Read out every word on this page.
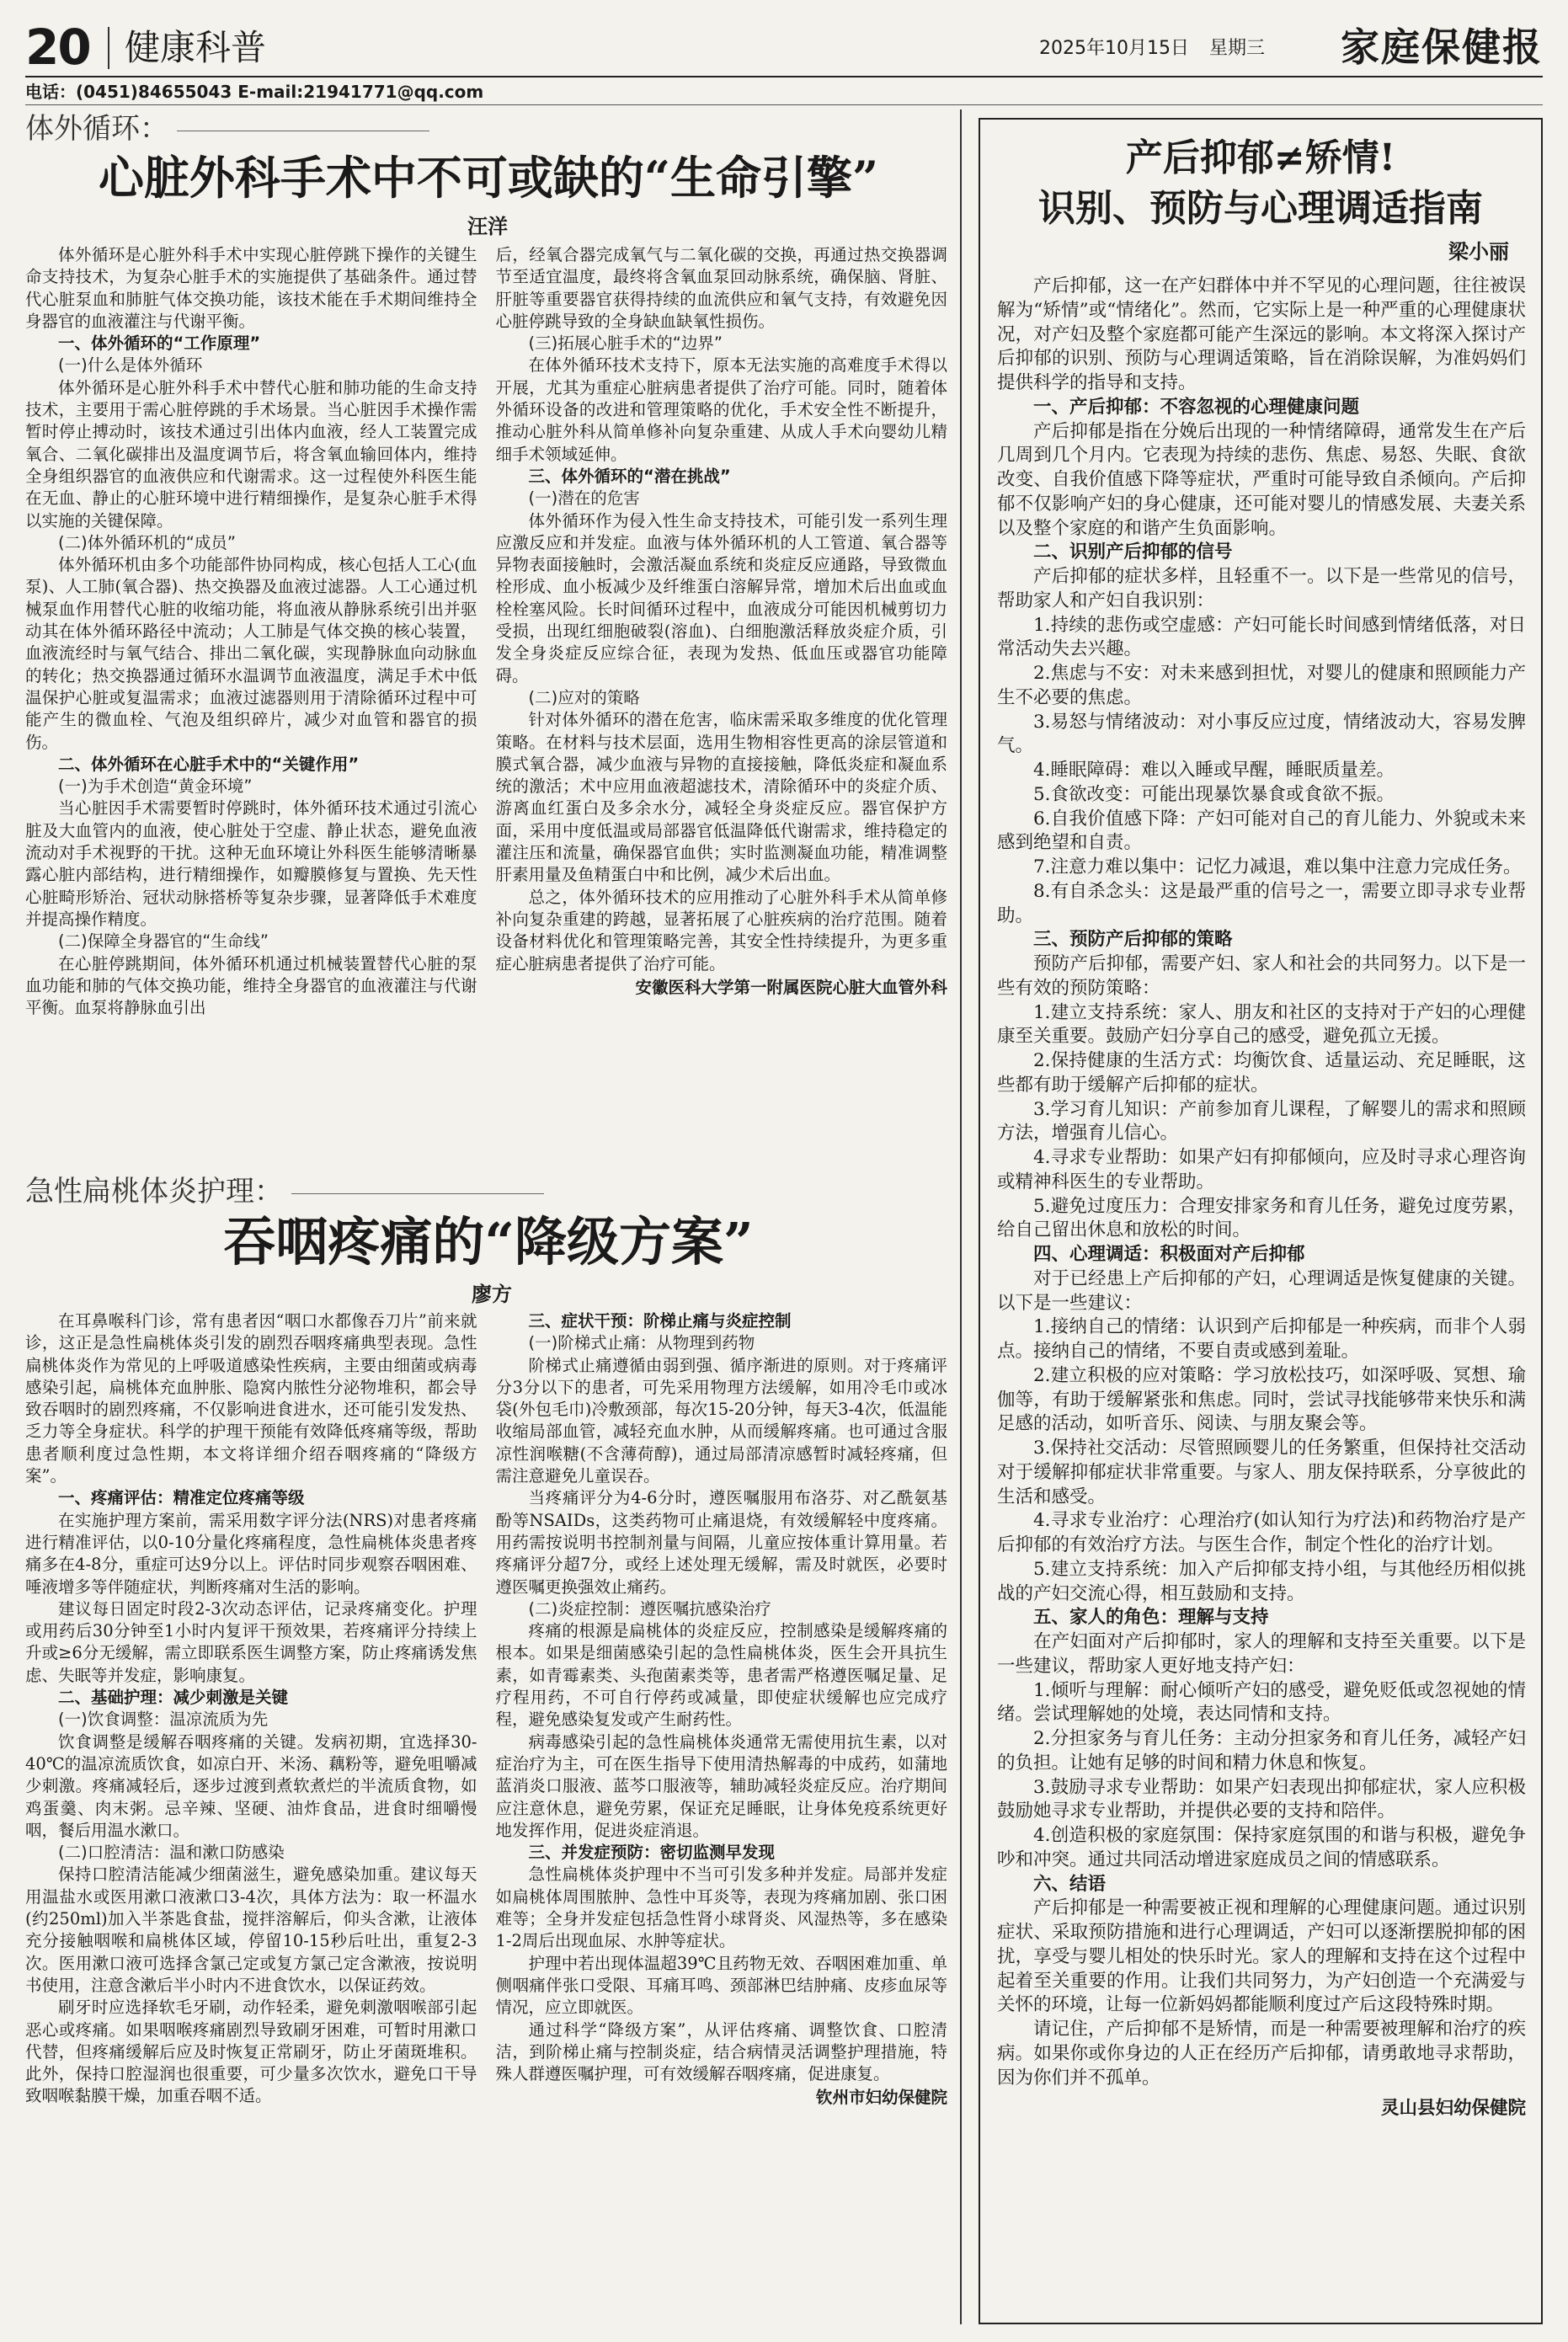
20 健康科普	2025年10月15日 星期三 家庭保健报
电话：(0451)84655043 E-mail:21941771@qq.com
体外循环：
心脏外科手术中不可或缺的“生命引擎”
汪洋

体外循环是心脏外科手术中实现心脏停跳下操作的关键生命支持技术，为复杂心脏手术的实施提供了基础条件。通过替代心脏泵血和肺脏气体交换功能，该技术能在手术期间维持全身器官的血液灌注与代谢平衡。

一、体外循环的“工作原理”

(一)什么是体外循环

体外循环是心脏外科手术中替代心脏和肺功能的生命支持技术，主要用于需心脏停跳的手术场景。当心脏因手术操作需暂时停止搏动时，该技术通过引出体内血液，经人工装置完成氧合、二氧化碳排出及温度调节后，将含氧血输回体内，维持全身组织器官的血液供应和代谢需求。这一过程使外科医生能在无血、静止的心脏环境中进行精细操作，是复杂心脏手术得以实施的关键保障。

(二)体外循环机的“成员”

体外循环机由多个功能部件协同构成，核心包括人工心(血泵)、人工肺(氧合器)、热交换器及血液过滤器。人工心通过机械泵血作用替代心脏的收缩功能，将血液从静脉系统引出并驱动其在体外循环路径中流动；人工肺是气体交换的核心装置，血液流经时与氧气结合、排出二氧化碳，实现静脉血向动脉血的转化；热交换器通过循环水温调节血液温度，满足手术中低温保护心脏或复温需求；血液过滤器则用于清除循环过程中可能产生的微血栓、气泡及组织碎片，减少对血管和器官的损伤。

二、体外循环在心脏手术中的“关键作用”

(一)为手术创造“黄金环境”

当心脏因手术需要暂时停跳时，体外循环技术通过引流心脏及大血管内的血液，使心脏处于空虚、静止状态，避免血液流动对手术视野的干扰。这种无血环境让外科医生能够清晰暴露心脏内部结构，进行精细操作，如瓣膜修复与置换、先天性心脏畸形矫治、冠状动脉搭桥等复杂步骤，显著降低手术难度并提高操作精度。

(二)保障全身器官的“生命线”

在心脏停跳期间，体外循环机通过机械装置替代心脏的泵血功能和肺的气体交换功能，维持全身器官的血液灌注与代谢平衡。血泵将静脉血引出

后，经氧合器完成氧气与二氧化碳的交换，再通过热交换器调节至适宜温度，最终将含氧血泵回动脉系统，确保脑、肾脏、肝脏等重要器官获得持续的血流供应和氧气支持，有效避免因心脏停跳导致的全身缺血缺氧性损伤。

(三)拓展心脏手术的“边界”

在体外循环技术支持下，原本无法实施的高难度手术得以开展，尤其为重症心脏病患者提供了治疗可能。同时，随着体外循环设备的改进和管理策略的优化，手术安全性不断提升，推动心脏外科从简单修补向复杂重建、从成人手术向婴幼儿精细手术领域延伸。

三、体外循环的“潜在挑战”

(一)潜在的危害

体外循环作为侵入性生命支持技术，可能引发一系列生理应激反应和并发症。血液与体外循环机的人工管道、氧合器等异物表面接触时，会激活凝血系统和炎症反应通路，导致微血栓形成、血小板减少及纤维蛋白溶解异常，增加术后出血或血栓栓塞风险。长时间循环过程中，血液成分可能因机械剪切力受损，出现红细胞破裂(溶血)、白细胞激活释放炎症介质，引发全身炎症反应综合征，表现为发热、低血压或器官功能障碍。

(二)应对的策略

针对体外循环的潜在危害，临床需采取多维度的优化管理策略。在材料与技术层面，选用生物相容性更高的涂层管道和膜式氧合器，减少血液与异物的直接接触，降低炎症和凝血系统的激活；术中应用血液超滤技术，清除循环中的炎症介质、游离血红蛋白及多余水分，减轻全身炎症反应。器官保护方面，采用中度低温或局部器官低温降低代谢需求，维持稳定的灌注压和流量，确保器官血供；实时监测凝血功能，精准调整肝素用量及鱼精蛋白中和比例，减少术后出血。

总之，体外循环技术的应用推动了心脏外科手术从简单修补向复杂重建的跨越，显著拓展了心脏疾病的治疗范围。随着设备材料优化和管理策略完善，其安全性持续提升，为更多重症心脏病患者提供了治疗可能。

安徽医科大学第一附属医院心脏大血管外科

急性扁桃体炎护理：
吞咽疼痛的“降级方案”
廖方

在耳鼻喉科门诊，常有患者因“咽口水都像吞刀片”前来就诊，这正是急性扁桃体炎引发的剧烈吞咽疼痛典型表现。急性扁桃体炎作为常见的上呼吸道感染性疾病，主要由细菌或病毒感染引起，扁桃体充血肿胀、隐窝内脓性分泌物堆积，都会导致吞咽时的剧烈疼痛，不仅影响进食进水，还可能引发发热、乏力等全身症状。科学的护理干预能有效降低疼痛等级，帮助患者顺利度过急性期，本文将详细介绍吞咽疼痛的“降级方案”。

一、疼痛评估：精准定位疼痛等级

在实施护理方案前，需采用数字评分法(NRS)对患者疼痛进行精准评估，以0-10分量化疼痛程度，急性扁桃体炎患者疼痛多在4-8分，重症可达9分以上。评估时同步观察吞咽困难、唾液增多等伴随症状，判断疼痛对生活的影响。

建议每日固定时段2-3次动态评估，记录疼痛变化。护理或用药后30分钟至1小时内复评干预效果，若疼痛评分持续上升或≥6分无缓解，需立即联系医生调整方案，防止疼痛诱发焦虑、失眠等并发症，影响康复。

二、基础护理：减少刺激是关键

(一)饮食调整：温凉流质为先

饮食调整是缓解吞咽疼痛的关键。发病初期，宜选择30-40℃的温凉流质饮食，如凉白开、米汤、藕粉等，避免咀嚼减少刺激。疼痛减轻后，逐步过渡到煮软煮烂的半流质食物，如鸡蛋羹、肉末粥。忌辛辣、坚硬、油炸食品，进食时细嚼慢咽，餐后用温水漱口。

(二)口腔清洁：温和漱口防感染

保持口腔清洁能减少细菌滋生，避免感染加重。建议每天用温盐水或医用漱口液漱口3-4次，具体方法为：取一杯温水(约250ml)加入半茶匙食盐，搅拌溶解后，仰头含漱，让液体充分接触咽喉和扁桃体区域，停留10-15秒后吐出，重复2-3次。医用漱口液可选择含氯己定或复方氯己定含漱液，按说明书使用，注意含漱后半小时内不进食饮水，以保证药效。

刷牙时应选择软毛牙刷，动作轻柔，避免刺激咽喉部引起恶心或疼痛。如果咽喉疼痛剧烈导致刷牙困难，可暂时用漱口代替，但疼痛缓解后应及时恢复正常刷牙，防止牙菌斑堆积。此外，保持口腔湿润也很重要，可少量多次饮水，避免口干导致咽喉黏膜干燥，加重吞咽不适。

三、症状干预：阶梯止痛与炎症控制

(一)阶梯式止痛：从物理到药物

阶梯式止痛遵循由弱到强、循序渐进的原则。对于疼痛评分3分以下的患者，可先采用物理方法缓解，如用冷毛巾或冰袋(外包毛巾)冷敷颈部，每次15-20分钟，每天3-4次，低温能收缩局部血管，减轻充血水肿，从而缓解疼痛。也可通过含服凉性润喉糖(不含薄荷醇)，通过局部清凉感暂时减轻疼痛，但需注意避免儿童误吞。

当疼痛评分为4-6分时，遵医嘱服用布洛芬、对乙酰氨基酚等NSAIDs，这类药物可止痛退烧，有效缓解轻中度疼痛。用药需按说明书控制剂量与间隔，儿童应按体重计算用量。若疼痛评分超7分，或经上述处理无缓解，需及时就医，必要时遵医嘱更换强效止痛药。

(二)炎症控制：遵医嘱抗感染治疗

疼痛的根源是扁桃体的炎症反应，控制感染是缓解疼痛的根本。如果是细菌感染引起的急性扁桃体炎，医生会开具抗生素，如青霉素类、头孢菌素类等，患者需严格遵医嘱足量、足疗程用药，不可自行停药或减量，即使症状缓解也应完成疗程，避免感染复发或产生耐药性。

病毒感染引起的急性扁桃体炎通常无需使用抗生素，以对症治疗为主，可在医生指导下使用清热解毒的中成药，如蒲地蓝消炎口服液、蓝芩口服液等，辅助减轻炎症反应。治疗期间应注意休息，避免劳累，保证充足睡眠，让身体免疫系统更好地发挥作用，促进炎症消退。

三、并发症预防：密切监测早发现

急性扁桃体炎护理中不当可引发多种并发症。局部并发症如扁桃体周围脓肿、急性中耳炎等，表现为疼痛加剧、张口困难等；全身并发症包括急性肾小球肾炎、风湿热等，多在感染1-2周后出现血尿、水肿等症状。

护理中若出现体温超39℃且药物无效、吞咽困难加重、单侧咽痛伴张口受限、耳痛耳鸣、颈部淋巴结肿痛、皮疹血尿等情况，应立即就医。

通过科学“降级方案”，从评估疼痛、调整饮食、口腔清洁，到阶梯止痛与控制炎症，结合病情灵活调整护理措施，特殊人群遵医嘱护理，可有效缓解吞咽疼痛，促进康复。

钦州市妇幼保健院

产后抑郁≠矫情!
识别、预防与心理调适指南
梁小丽

产后抑郁，这一在产妇群体中并不罕见的心理问题，往往被误解为“矫情”或“情绪化”。然而，它实际上是一种严重的心理健康状况，对产妇及整个家庭都可能产生深远的影响。本文将深入探讨产后抑郁的识别、预防与心理调适策略，旨在消除误解，为准妈妈们提供科学的指导和支持。

一、产后抑郁：不容忽视的心理健康问题

产后抑郁是指在分娩后出现的一种情绪障碍，通常发生在产后几周到几个月内。它表现为持续的悲伤、焦虑、易怒、失眠、食欲改变、自我价值感下降等症状，严重时可能导致自杀倾向。产后抑郁不仅影响产妇的身心健康，还可能对婴儿的情感发展、夫妻关系以及整个家庭的和谐产生负面影响。

二、识别产后抑郁的信号

产后抑郁的症状多样，且轻重不一。以下是一些常见的信号，帮助家人和产妇自我识别：

1.持续的悲伤或空虚感：产妇可能长时间感到情绪低落，对日常活动失去兴趣。

2.焦虑与不安：对未来感到担忧，对婴儿的健康和照顾能力产生不必要的焦虑。

3.易怒与情绪波动：对小事反应过度，情绪波动大，容易发脾气。

4.睡眠障碍：难以入睡或早醒，睡眠质量差。

5.食欲改变：可能出现暴饮暴食或食欲不振。

6.自我价值感下降：产妇可能对自己的育儿能力、外貌或未来感到绝望和自责。

7.注意力难以集中：记忆力减退，难以集中注意力完成任务。

8.有自杀念头：这是最严重的信号之一，需要立即寻求专业帮助。

三、预防产后抑郁的策略

预防产后抑郁，需要产妇、家人和社会的共同努力。以下是一些有效的预防策略：

1.建立支持系统：家人、朋友和社区的支持对于产妇的心理健康至关重要。鼓励产妇分享自己的感受，避免孤立无援。

2.保持健康的生活方式：均衡饮食、适量运动、充足睡眠，这些都有助于缓解产后抑郁的症状。

3.学习育儿知识：产前参加育儿课程，了解婴儿的需求和照顾方法，增强育儿信心。

4.寻求专业帮助：如果产妇有抑郁倾向，应及时寻求心理咨询或精神科医生的专业帮助。

5.避免过度压力：合理安排家务和育儿任务，避免过度劳累，给自己留出休息和放松的时间。

四、心理调适：积极面对产后抑郁

对于已经患上产后抑郁的产妇，心理调适是恢复健康的关键。以下是一些建议：

1.接纳自己的情绪：认识到产后抑郁是一种疾病，而非个人弱点。接纳自己的情绪，不要自责或感到羞耻。

2.建立积极的应对策略：学习放松技巧，如深呼吸、冥想、瑜伽等，有助于缓解紧张和焦虑。同时，尝试寻找能够带来快乐和满足感的活动，如听音乐、阅读、与朋友聚会等。

3.保持社交活动：尽管照顾婴儿的任务繁重，但保持社交活动对于缓解抑郁症状非常重要。与家人、朋友保持联系，分享彼此的生活和感受。

4.寻求专业治疗：心理治疗(如认知行为疗法)和药物治疗是产后抑郁的有效治疗方法。与医生合作，制定个性化的治疗计划。

5.建立支持系统：加入产后抑郁支持小组，与其他经历相似挑战的产妇交流心得，相互鼓励和支持。

五、家人的角色：理解与支持

在产妇面对产后抑郁时，家人的理解和支持至关重要。以下是一些建议，帮助家人更好地支持产妇：

1.倾听与理解：耐心倾听产妇的感受，避免贬低或忽视她的情绪。尝试理解她的处境，表达同情和支持。

2.分担家务与育儿任务：主动分担家务和育儿任务，减轻产妇的负担。让她有足够的时间和精力休息和恢复。

3.鼓励寻求专业帮助：如果产妇表现出抑郁症状，家人应积极鼓励她寻求专业帮助，并提供必要的支持和陪伴。

4.创造积极的家庭氛围：保持家庭氛围的和谐与积极，避免争吵和冲突。通过共同活动增进家庭成员之间的情感联系。

六、结语

产后抑郁是一种需要被正视和理解的心理健康问题。通过识别症状、采取预防措施和进行心理调适，产妇可以逐渐摆脱抑郁的困扰，享受与婴儿相处的快乐时光。家人的理解和支持在这个过程中起着至关重要的作用。让我们共同努力，为产妇创造一个充满爱与关怀的环境，让每一位新妈妈都能顺利度过产后这段特殊时期。

请记住，产后抑郁不是矫情，而是一种需要被理解和治疗的疾病。如果你或你身边的人正在经历产后抑郁，请勇敢地寻求帮助，因为你们并不孤单。

灵山县妇幼保健院
